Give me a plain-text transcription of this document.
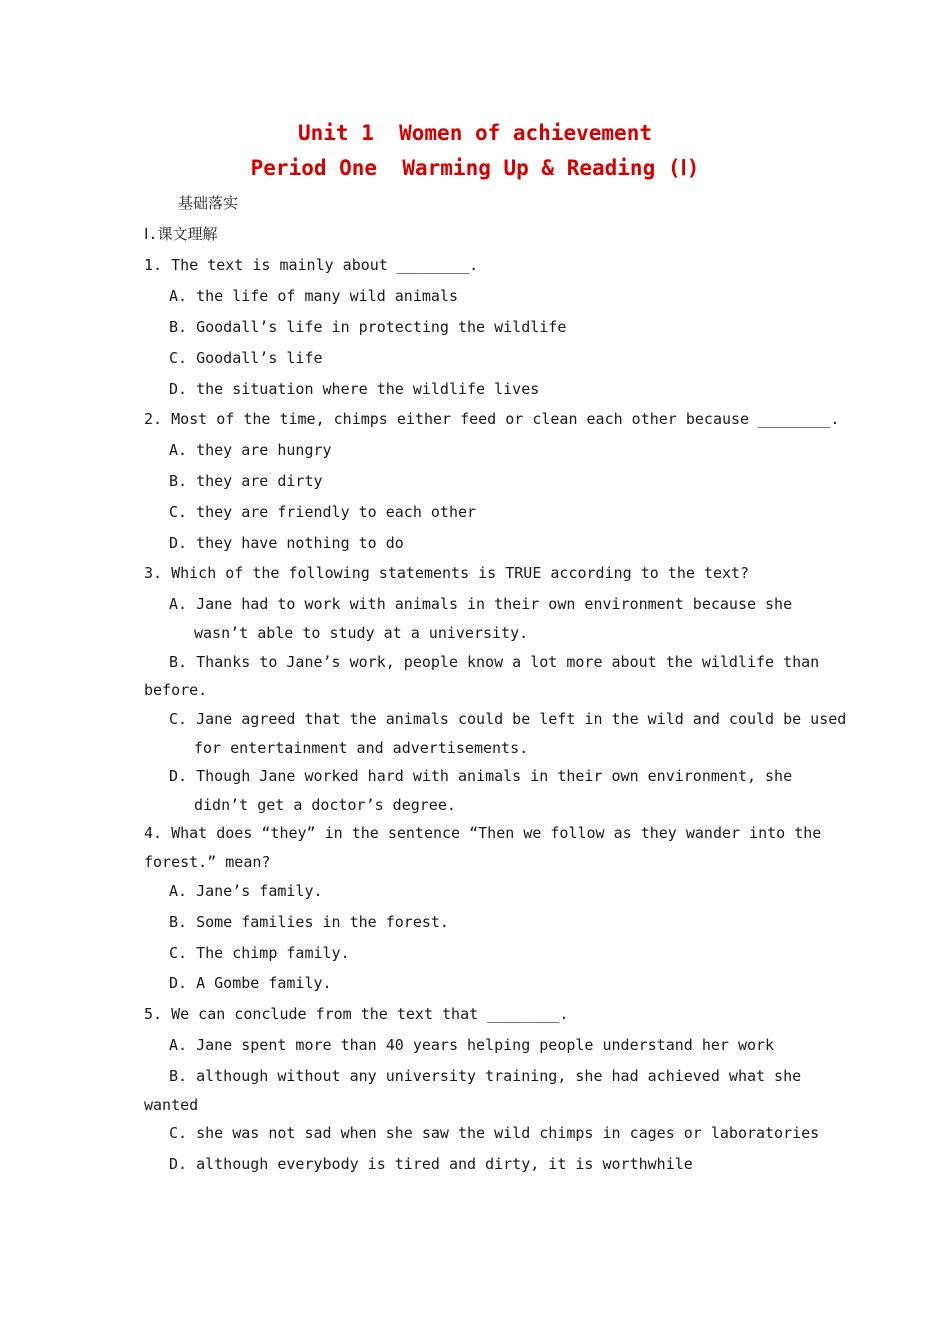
Unit 1  Women of achievement
Period One  Warming Up & Reading (Ⅰ)
基础落实
Ⅰ.课文理解
1. The text is mainly about ________.
A. the life of many wild animals
B. Goodall’s life in protecting the wildlife
C. Goodall’s life
D. the situation where the wildlife lives
2. Most of the time, chimps either feed or clean each other because ________.
A. they are hungry
B. they are dirty
C. they are friendly to each other
D. they have nothing to do
3. Which of the following statements is TRUE according to the text?
A. Jane had to work with animals in their own environment because she
wasn’t able to study at a university.
B. Thanks to Jane’s work, people know a lot more about the wildlife than
before.
C. Jane agreed that the animals could be left in the wild and could be used
for entertainment and advertisements.
D. Though Jane worked hard with animals in their own environment, she
didn’t get a doctor’s degree.
4. What does “they” in the sentence “Then we follow as they wander into the
forest.” mean?
A. Jane’s family.
B. Some families in the forest.
C. The chimp family.
D. A Gombe family.
5. We can conclude from the text that ________.
A. Jane spent more than 40 years helping people understand her work
B. although without any university training, she had achieved what she
wanted
C. she was not sad when she saw the wild chimps in cages or laboratories
D. although everybody is tired and dirty, it is worthwhile
